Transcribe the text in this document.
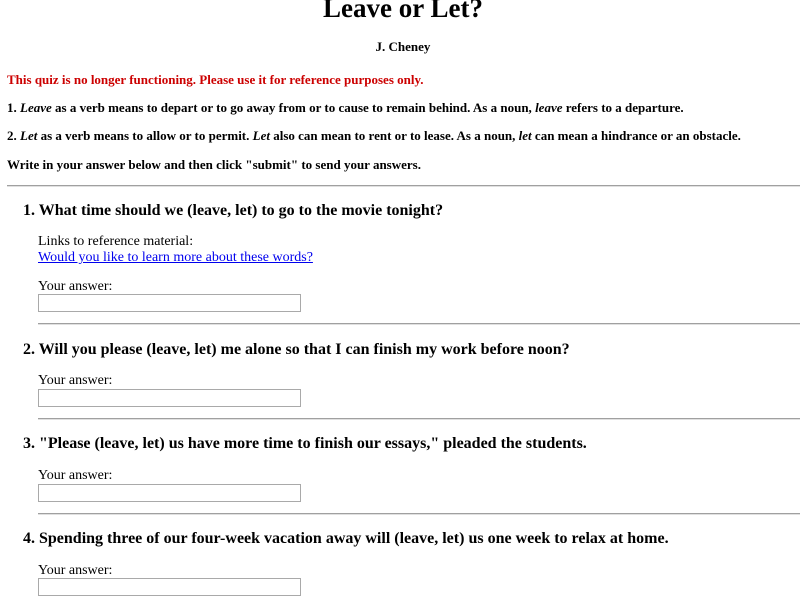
Leave or Let?
J. Cheney
This quiz is no longer functioning. Please use it for reference purposes only.
1. Leave as a verb means to depart or to go away from or to cause to remain behind. As a noun, leave refers to a departure.
2. Let as a verb means to allow or to permit. Let also can mean to rent or to lease. As a noun, let can mean a hindrance or an obstacle.
Write in your answer below and then click "submit" to send your answers.
1. What time should we (leave, let) to go to the movie tonight?
Links to reference material:
Would you like to learn more about these words?
Your answer:
2. Will you please (leave, let) me alone so that I can finish my work before noon?
Your answer:
3. "Please (leave, let) us have more time to finish our essays," pleaded the students.
Your answer:
4. Spending three of our four-week vacation away will (leave, let) us one week to relax at home.
Your answer:
